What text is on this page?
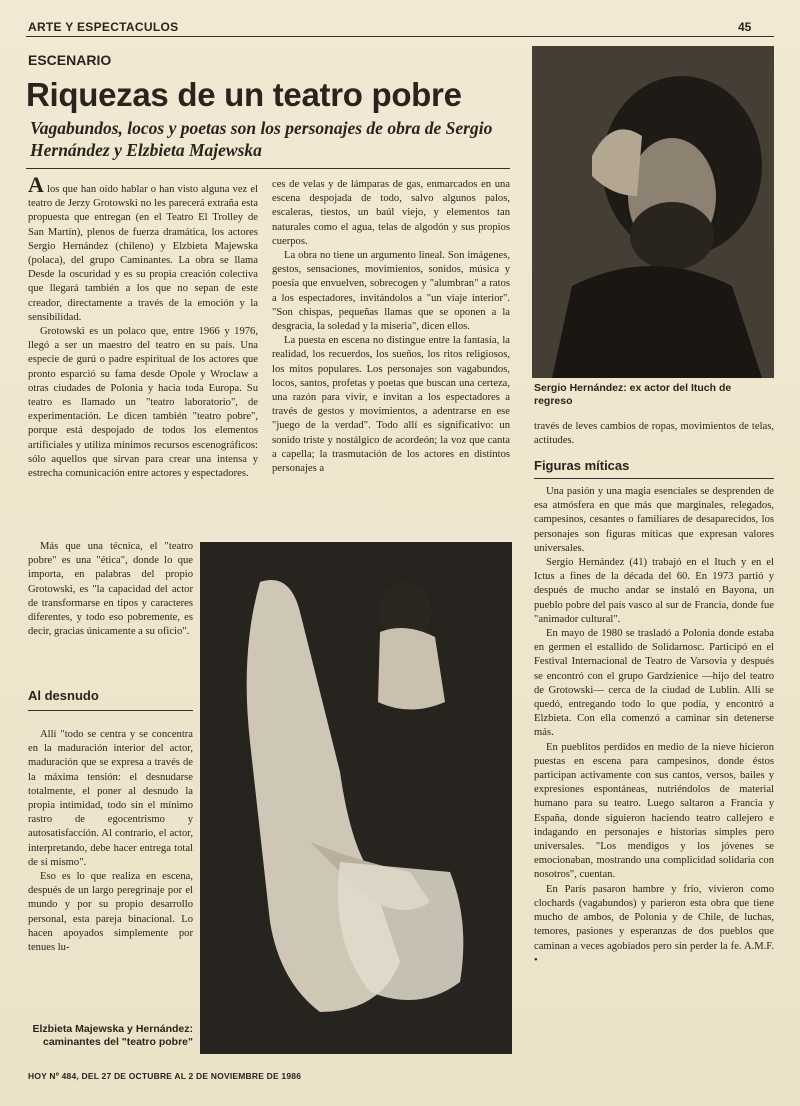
ARTE Y ESPECTACULOS	45
ESCENARIO
Riquezas de un teatro pobre
Vagabundos, locos y poetas son los personajes de obra de Sergio Hernández y Elzbieta Majewska

A los que han oído hablar o han visto alguna vez el teatro de Jerzy Grotowski no les parecerá extraña esta propuesta que entregan (en el Teatro El Trolley de San Martín), plenos de fuerza dramática, los actores Sergio Hernández (chileno) y Elzbieta Majewska (polaca), del grupo Caminantes. La obra se llama Desde la oscuridad y es su propia creación colectiva que llegará también a los que no sepan de este creador, directamente a través de la emoción y la sensibilidad.

Grotowski es un polaco que, entre 1966 y 1976, llegó a ser un maestro del teatro en su país. Una especie de gurú o padre espiritual de los actores que pronto esparció su fama desde Opole y Wroclaw a otras ciudades de Polonia y hacia toda Europa. Su teatro es llamado un "teatro laboratorio", de experimentación. Le dicen también "teatro pobre", porque está despojado de todos los elementos artificiales y utiliza mínimos recursos escenográficos: sólo aquellos que sirvan para crear una intensa y estrecha comunicación entre actores y espectadores.

Más que una técnica, el "teatro pobre" es una "ética", donde lo que importa, en palabras del propio Grotowski, es "la capacidad del actor de transformarse en tipos y caracteres diferentes, y todo eso pobremente, es decir, gracias únicamente a su oficio".

Al desnudo

Allí "todo se centra y se concentra en la maduración interior del actor, maduración que se expresa a través de la máxima tensión: el desnudarse totalmente, el poner al desnudo la propia intimidad, todo sin el mínimo rastro de egocentrismo y autosatisfacción. Al contrario, el actor, interpretando, debe hacer entrega total de sí mismo".

Eso es lo que realiza en escena, después de un largo peregrinaje por el mundo y por su propio desarrollo personal, esta pareja binacional. Lo hacen apoyados simplemente por tenues lu-

ces de velas y de lámparas de gas, enmarcados en una escena despojada de todo, salvo algunos palos, escaleras, tiestos, un baúl viejo, y elementos tan naturales como el agua, telas de algodón y sus propios cuerpos.

La obra no tiene un argumento lineal. Son imágenes, gestos, sensaciones, movimientos, sonidos, música y poesía que envuelven, sobrecogen y "alumbran" a ratos a los espectadores, invitándolos a "un viaje interior". "Son chispas, pequeñas llamas que se oponen a la desgracia, la soledad y la miseria", dicen ellos.

La puesta en escena no distingue entre la fantasía, la realidad, los recuerdos, los sueños, los ritos religiosos, los mitos populares. Los personajes son vagabundos, locos, santos, profetas y poetas que buscan una certeza, una razón para vivir, e invitan a los espectadores a través de gestos y movimientos, a adentrarse en ese "juego de la verdad". Todo allí es significativo: un sonido triste y nostálgico de acordeón; la voz que canta a capella; la trasmutación de los actores en distintos personajes a

Sergio Hernández: ex actor del Ituch de regreso

través de leves cambios de ropas, movimientos de telas, actitudes.

Figuras míticas

Una pasión y una magia esenciales se desprenden de esa atmósfera en que más que marginales, relegados, campesinos, cesantes o familiares de desaparecidos, los personajes son figuras míticas que expresan valores universales.

Sergio Hernández (41) trabajó en el Ituch y en el Ictus a fines de la década del 60. En 1973 partió y después de mucho andar se instaló en Bayona, un pueblo pobre del país vasco al sur de Francia, donde fue "animador cultural".

En mayo de 1980 se trasladó a Polonia donde estaba en germen el estallido de Solidarnosc. Participó en el Festival Internacional de Teatro de Varsovia y después se encontró con el grupo Gardzienice —hijo del teatro de Grotowski— cerca de la ciudad de Lublin. Allí se quedó, entregando todo lo que podía, y encontró a Elzbieta. Con ella comenzó a caminar sin detenerse más.

En pueblitos perdidos en medio de la nieve hicieron puestas en escena para campesinos, donde éstos participan activamente con sus cantos, versos, bailes y expresiones espontáneas, nutriéndolos de material humano para su teatro. Luego saltaron a Francia y España, donde siguieron haciendo teatro callejero e indagando en personajes e historias simples pero universales. "Los mendigos y los jóvenes se emocionaban, mostrando una complicidad solidaria con nosotros", cuentan.

En París pasaron hambre y frío, vivieron como clochards (vagabundos) y parieron esta obra que tiene mucho de ambos, de Polonia y de Chile, de luchas, temores, pasiones y esperanzas de dos pueblos que caminan a veces agobiados pero sin perder la fe. A.M.F. •

Elzbieta Majewska y Hernández: caminantes del "teatro pobre"
HOY Nº 484, DEL 27 DE OCTUBRE AL 2 DE NOVIEMBRE DE 1986
